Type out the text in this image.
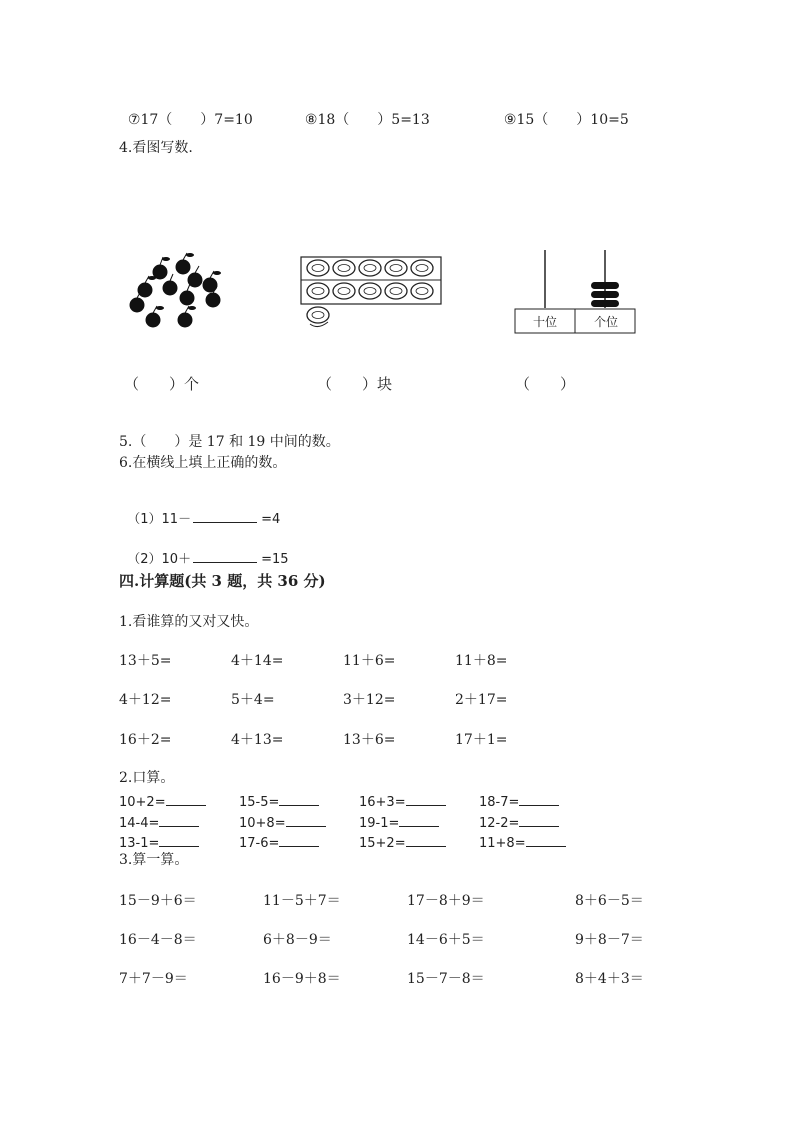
⑦17（　　 ）7=10	⑧18（　　 ）5=13	⑨15（　　 ）10=5

4.看图写数.
十位	个位
（　　）个	（　　）块	（　　）
5.（　　）是 17 和 19 中间的数。
6.在横线上填上正确的数。

（1）11－	=4

（2）10＋	=15

四.计算题(共 3 题，共 36 分)
1.看谁算的又对又快。
13＋5=	4＋14=	11＋6=	11＋8=
4＋12=	5＋4=	3＋12=	2＋17=
16＋2=	4＋13=	13＋6=	17＋1=
2.口算。
10+2=	15-5=	16+3=	18-7=
14-4=	10+8=	19-1=	12-2=
13-1=	17-6=	15+2=	11+8=
3.算一算。
15－9＋6＝	11－5＋7＝	17－8＋9＝	8＋6－5＝
16－4－8＝	6＋8－9＝	14－6＋5＝	9＋8－7＝
7＋7－9＝	16－9＋8＝	15－7－8＝	8＋4＋3＝
